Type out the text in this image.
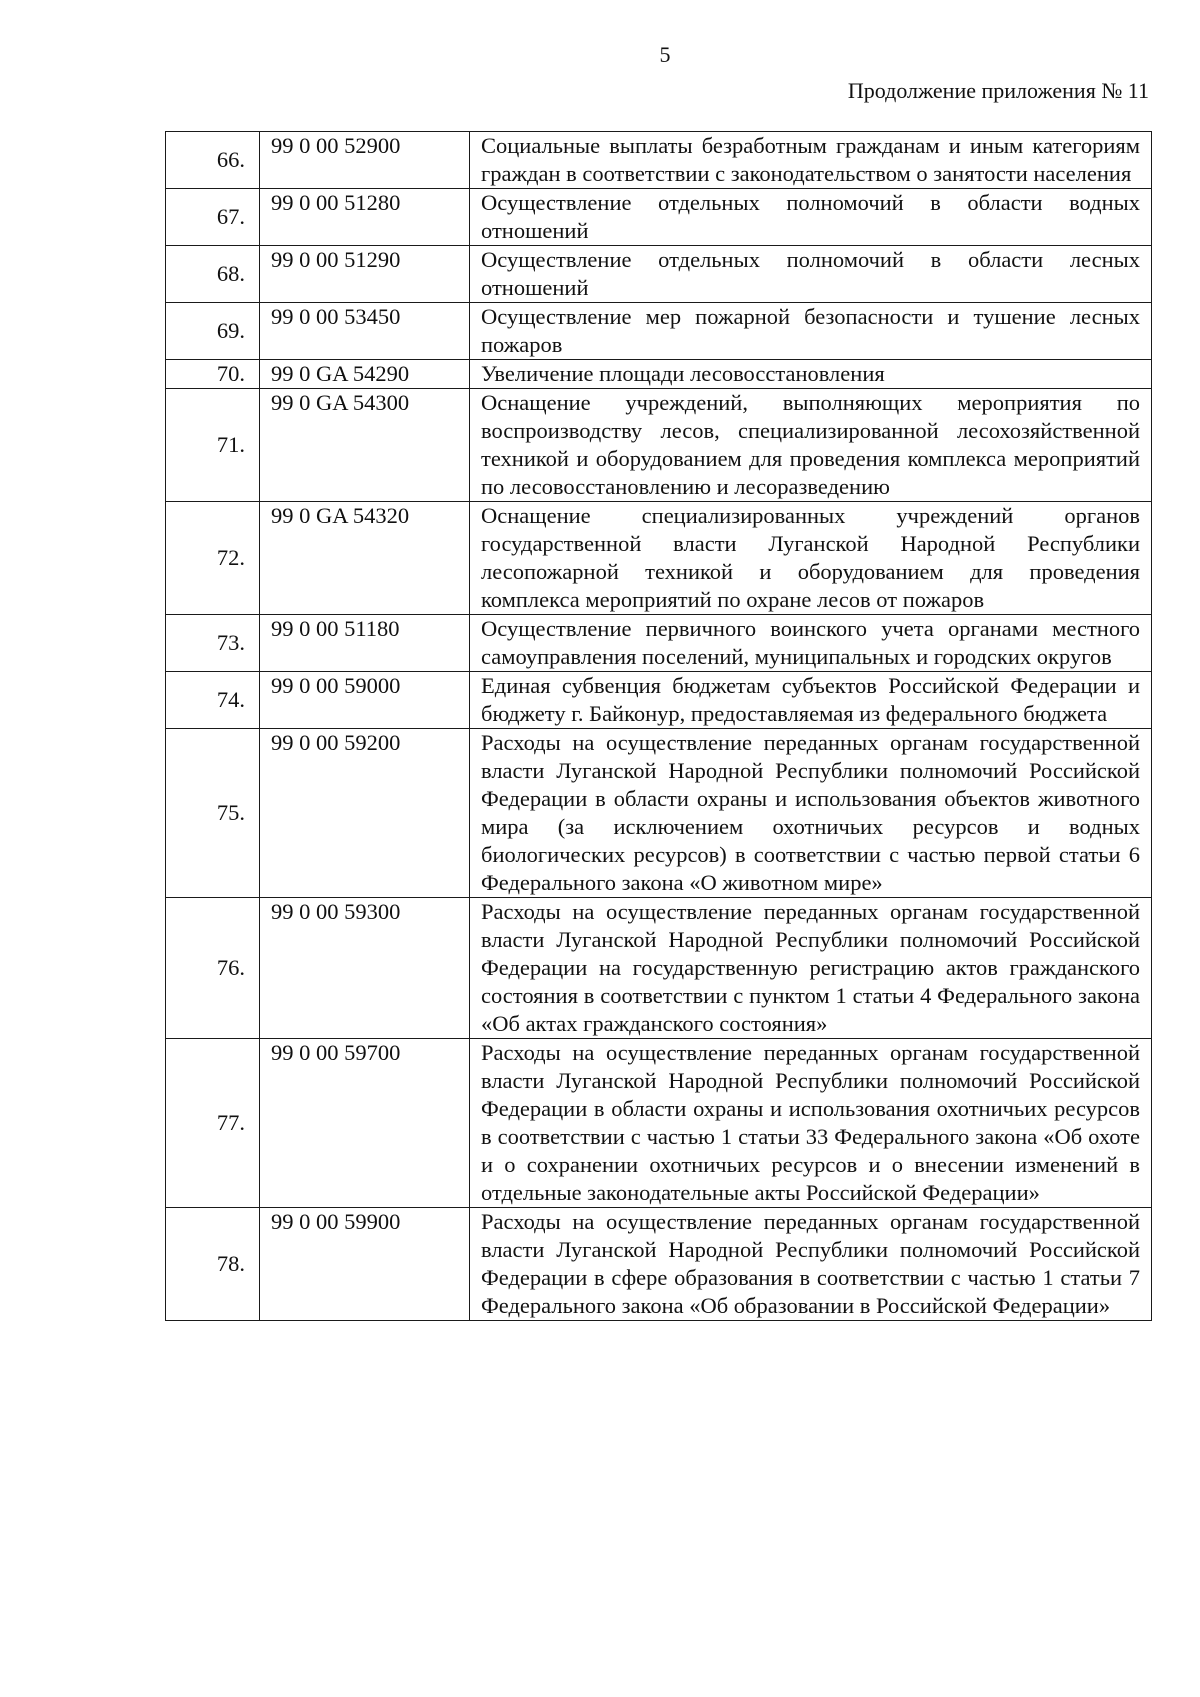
5
Продолжение приложения № 11
66.	99 0 00 52900	Социальные выплаты безработным гражданам и иным категориям граждан в соответствии с законодательством о занятости населения
67.	99 0 00 51280	Осуществление отдельных полномочий в области водных отношений
68.	99 0 00 51290	Осуществление отдельных полномочий в области лесных отношений
69.	99 0 00 53450	Осуществление мер пожарной безопасности и тушение лесных пожаров
70.	99 0 GA 54290	Увеличение площади лесовосстановления
71.	99 0 GA 54300	Оснащение учреждений, выполняющих мероприятия по воспроизводству лесов, специализированной лесохозяйственной техникой и оборудованием для проведения комплекса мероприятий по лесовосстановлению и лесоразведению
72.	99 0 GA 54320	Оснащение специализированных учреждений органов государственной власти Луганской Народной Республики лесопожарной техникой и оборудованием для проведения комплекса мероприятий по охране лесов от пожаров
73.	99 0 00 51180	Осуществление первичного воинского учета органами местного самоуправления поселений, муниципальных и городских округов
74.	99 0 00 59000	Единая субвенция бюджетам субъектов Российской Федерации и бюджету г. Байконур, предоставляемая из федерального бюджета
75.	99 0 00 59200	Расходы на осуществление переданных органам государственной власти Луганской Народной Республики полномочий Российской Федерации в области охраны и использования объектов животного мира (за исключением охотничьих ресурсов и водных биологических ресурсов) в соответствии с частью первой статьи 6 Федерального закона «О животном мире»
76.	99 0 00 59300	Расходы на осуществление переданных органам государственной власти Луганской Народной Республики полномочий Российской Федерации на государственную регистрацию актов гражданского состояния в соответствии с пунктом 1 статьи 4 Федерального закона «Об актах гражданского состояния»
77.	99 0 00 59700	Расходы на осуществление переданных органам государственной власти Луганской Народной Республики полномочий Российской Федерации в области охраны и использования охотничьих ресурсов в соответствии с частью 1 статьи 33 Федерального закона «Об охоте и о сохранении охотничьих ресурсов и о внесении изменений в отдельные законодательные акты Российской Федерации»
78.	99 0 00 59900	Расходы на осуществление переданных органам государственной власти Луганской Народной Республики полномочий Российской Федерации в сфере образования в соответствии с частью 1 статьи 7 Федерального закона «Об образовании в Российской Федерации»
